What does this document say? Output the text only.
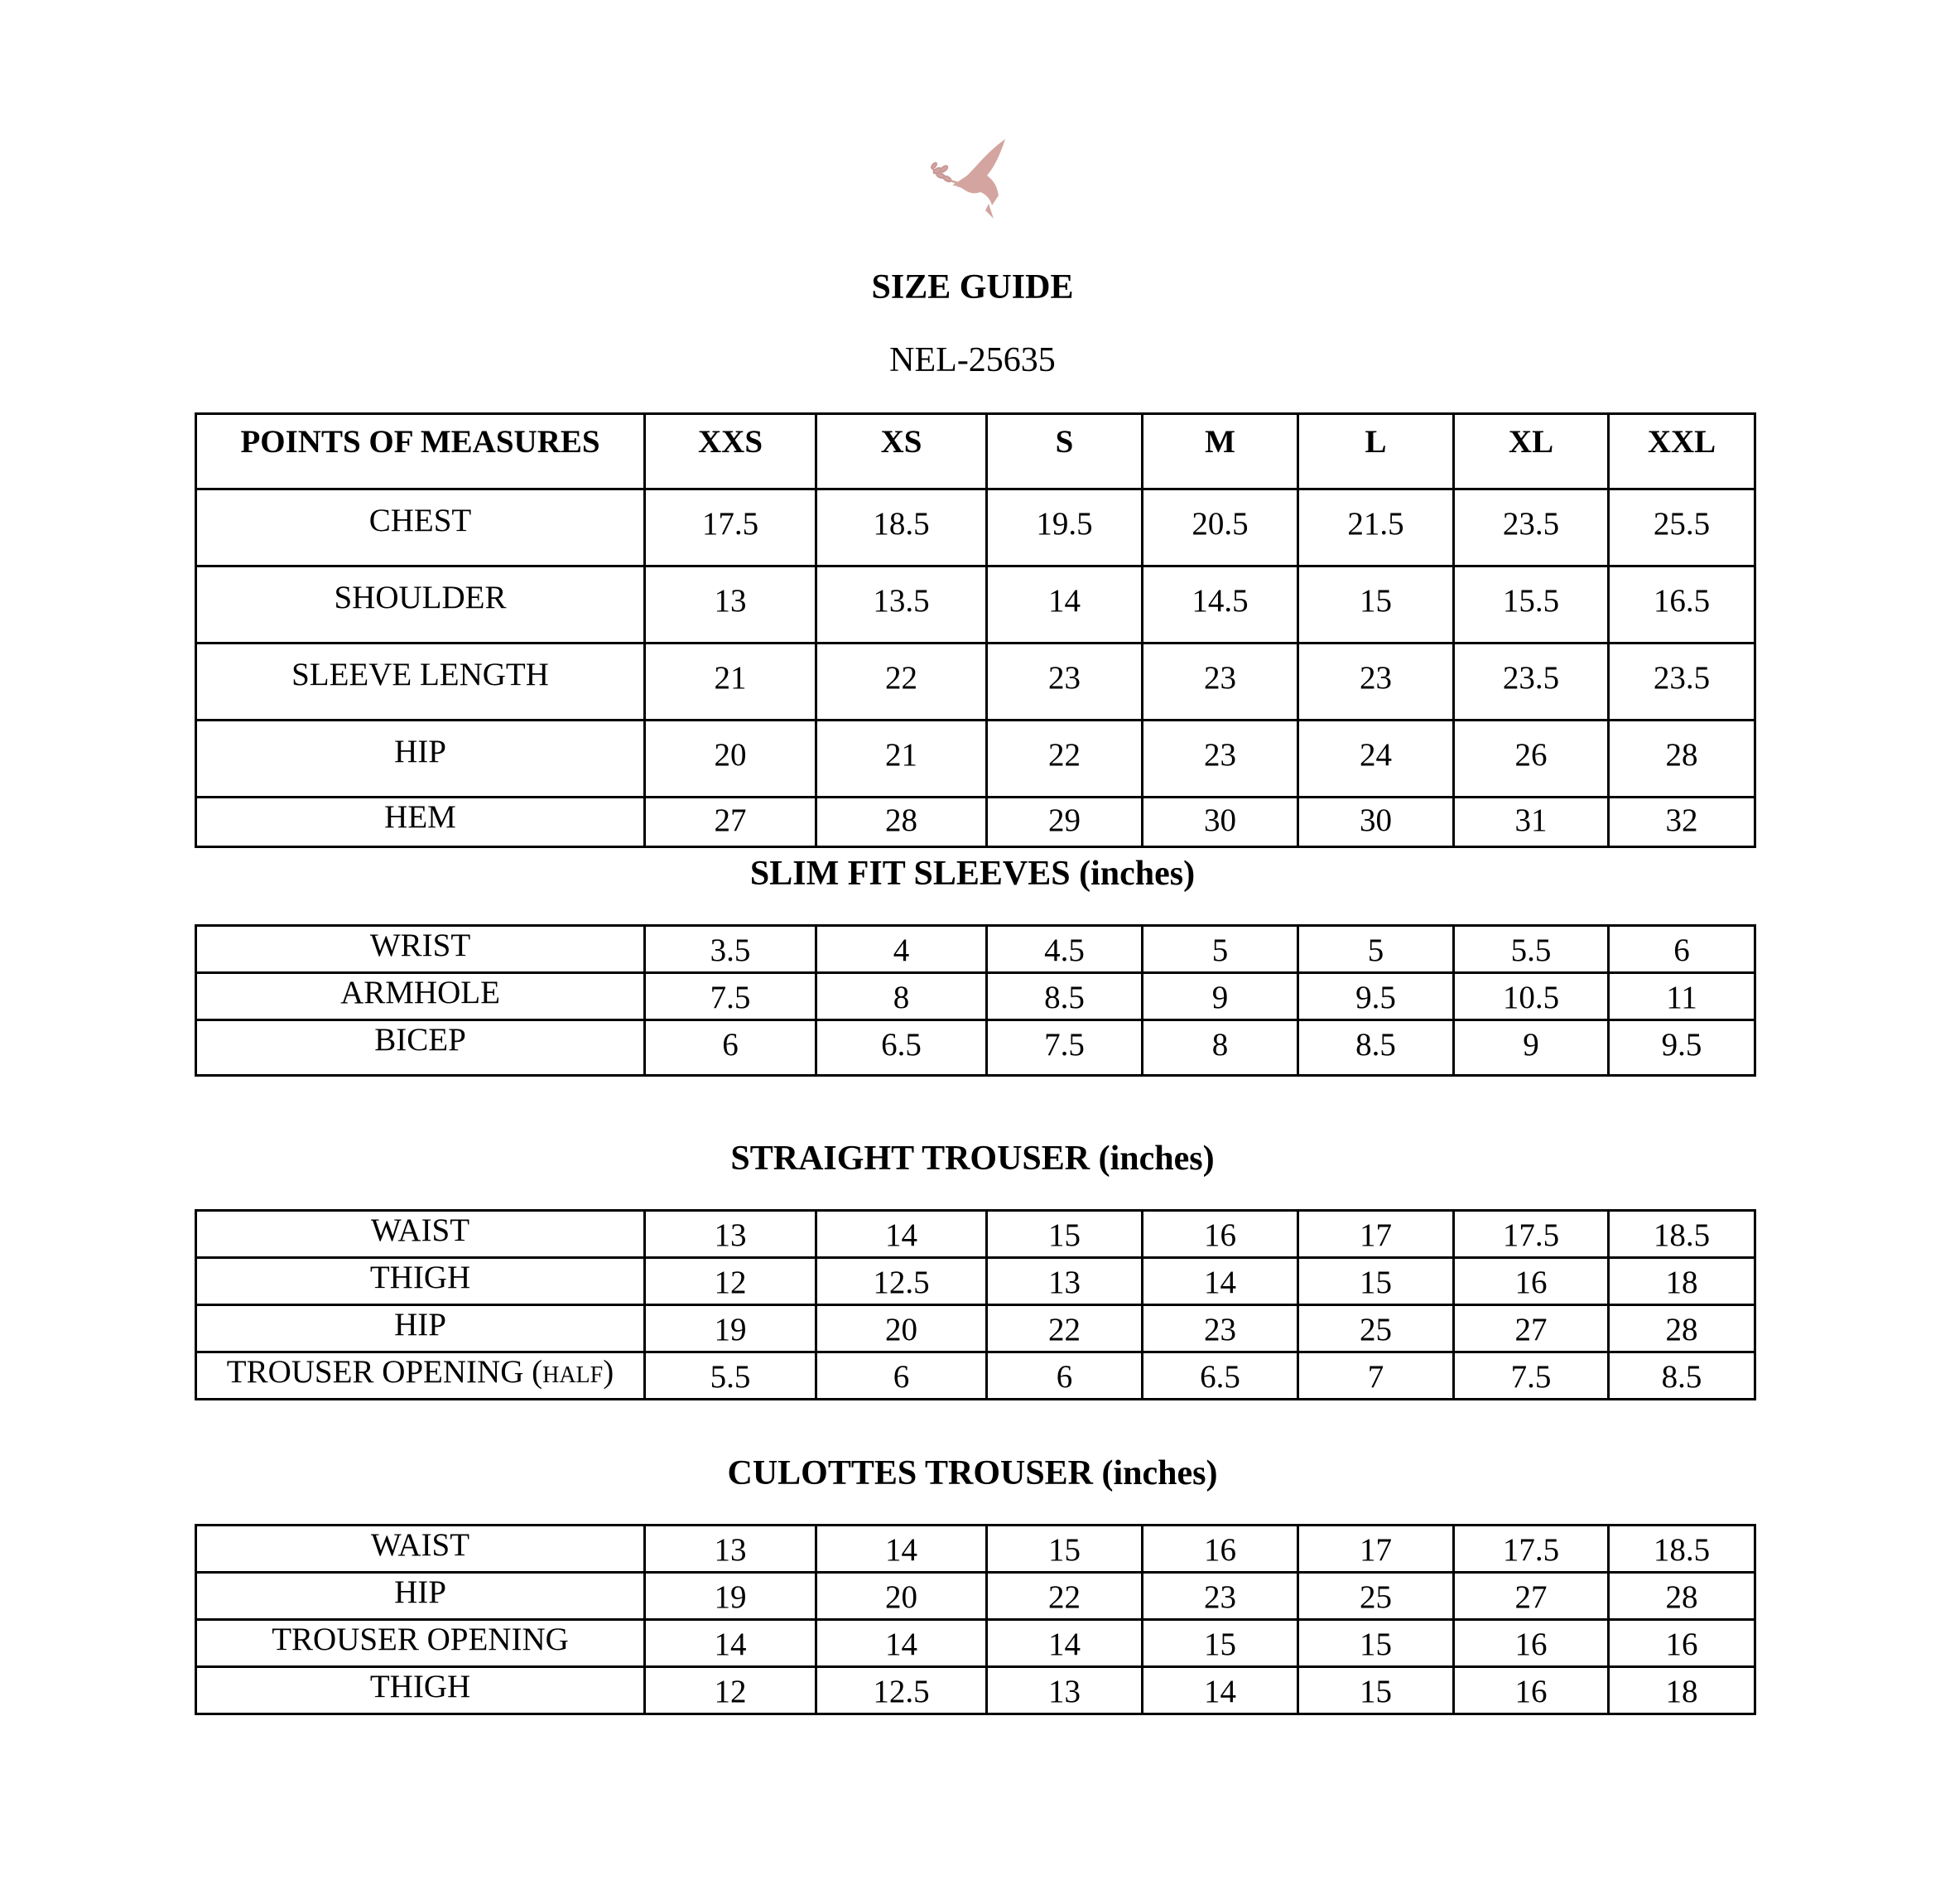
SIZE GUIDE
NEL-25635
POINTS OF MEASURES	XXS	XS	S	M	L	XL	XXL
CHEST	17.5	18.5	19.5	20.5	21.5	23.5	25.5
SHOULDER	13	13.5	14	14.5	15	15.5	16.5
SLEEVE LENGTH	21	22	23	23	23	23.5	23.5
HIP	20	21	22	23	24	26	28
HEM	27	28	29	30	30	31	32
SLIM FIT SLEEVES (inches)
WRIST	3.5	4	4.5	5	5	5.5	6
ARMHOLE	7.5	8	8.5	9	9.5	10.5	11
BICEP	6	6.5	7.5	8	8.5	9	9.5
STRAIGHT TROUSER (inches)
WAIST	13	14	15	16	17	17.5	18.5
THIGH	12	12.5	13	14	15	16	18
HIP	19	20	22	23	25	27	28
TROUSER OPENING (HALF)	5.5	6	6	6.5	7	7.5	8.5
CULOTTES TROUSER (inches)
WAIST	13	14	15	16	17	17.5	18.5
HIP	19	20	22	23	25	27	28
TROUSER OPENING	14	14	14	15	15	16	16
THIGH	12	12.5	13	14	15	16	18
